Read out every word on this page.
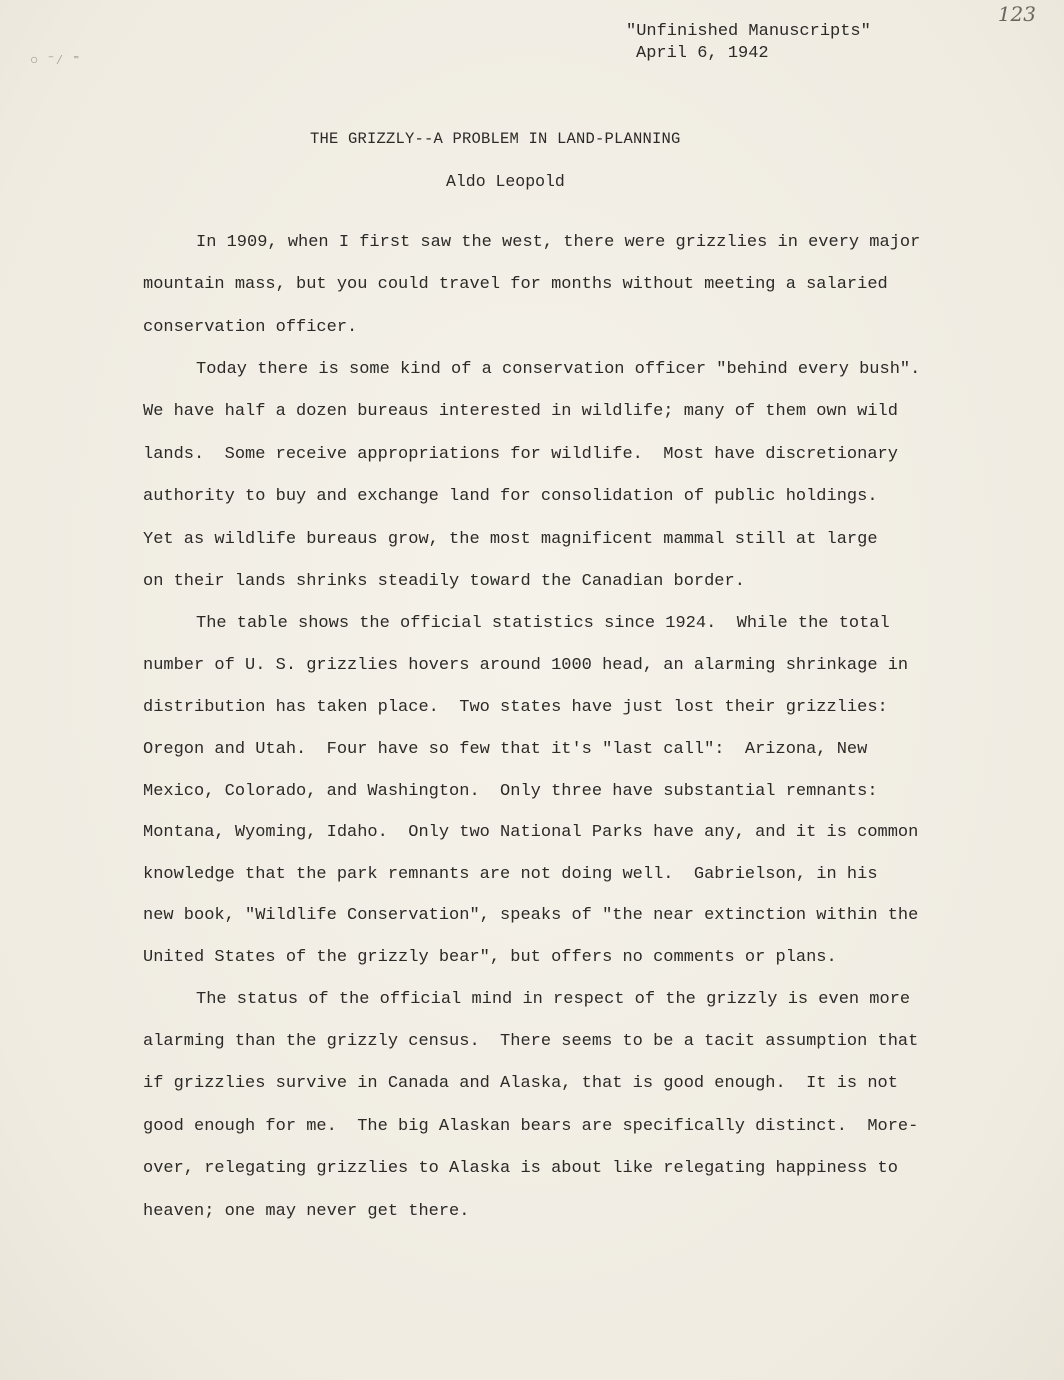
123
○ ⁻⁄ ⁼
"Unfinished Manuscripts"
April 6, 1942
THE GRIZZLY--A PROBLEM IN LAND-PLANNING
Aldo Leopold
In 1909, when I first saw the west, there were grizzlies in every major
mountain mass, but you could travel for months without meeting a salaried
conservation officer.
Today there is some kind of a conservation officer "behind every bush".
We have half a dozen bureaus interested in wildlife; many of them own wild
lands.  Some receive appropriations for wildlife.  Most have discretionary
authority to buy and exchange land for consolidation of public holdings.
Yet as wildlife bureaus grow, the most magnificent mammal still at large
on their lands shrinks steadily toward the Canadian border.
The table shows the official statistics since 1924.  While the total
number of U. S. grizzlies hovers around 1000 head, an alarming shrinkage in
distribution has taken place.  Two states have just lost their grizzlies:
Oregon and Utah.  Four have so few that it's "last call":  Arizona, New
Mexico, Colorado, and Washington.  Only three have substantial remnants:
Montana, Wyoming, Idaho.  Only two National Parks have any, and it is common
knowledge that the park remnants are not doing well.  Gabrielson, in his
new book, "Wildlife Conservation", speaks of "the near extinction within the
United States of the grizzly bear", but offers no comments or plans.
The status of the official mind in respect of the grizzly is even more
alarming than the grizzly census.  There seems to be a tacit assumption that
if grizzlies survive in Canada and Alaska, that is good enough.  It is not
good enough for me.  The big Alaskan bears are specifically distinct.  More-
over, relegating grizzlies to Alaska is about like relegating happiness to
heaven; one may never get there.
